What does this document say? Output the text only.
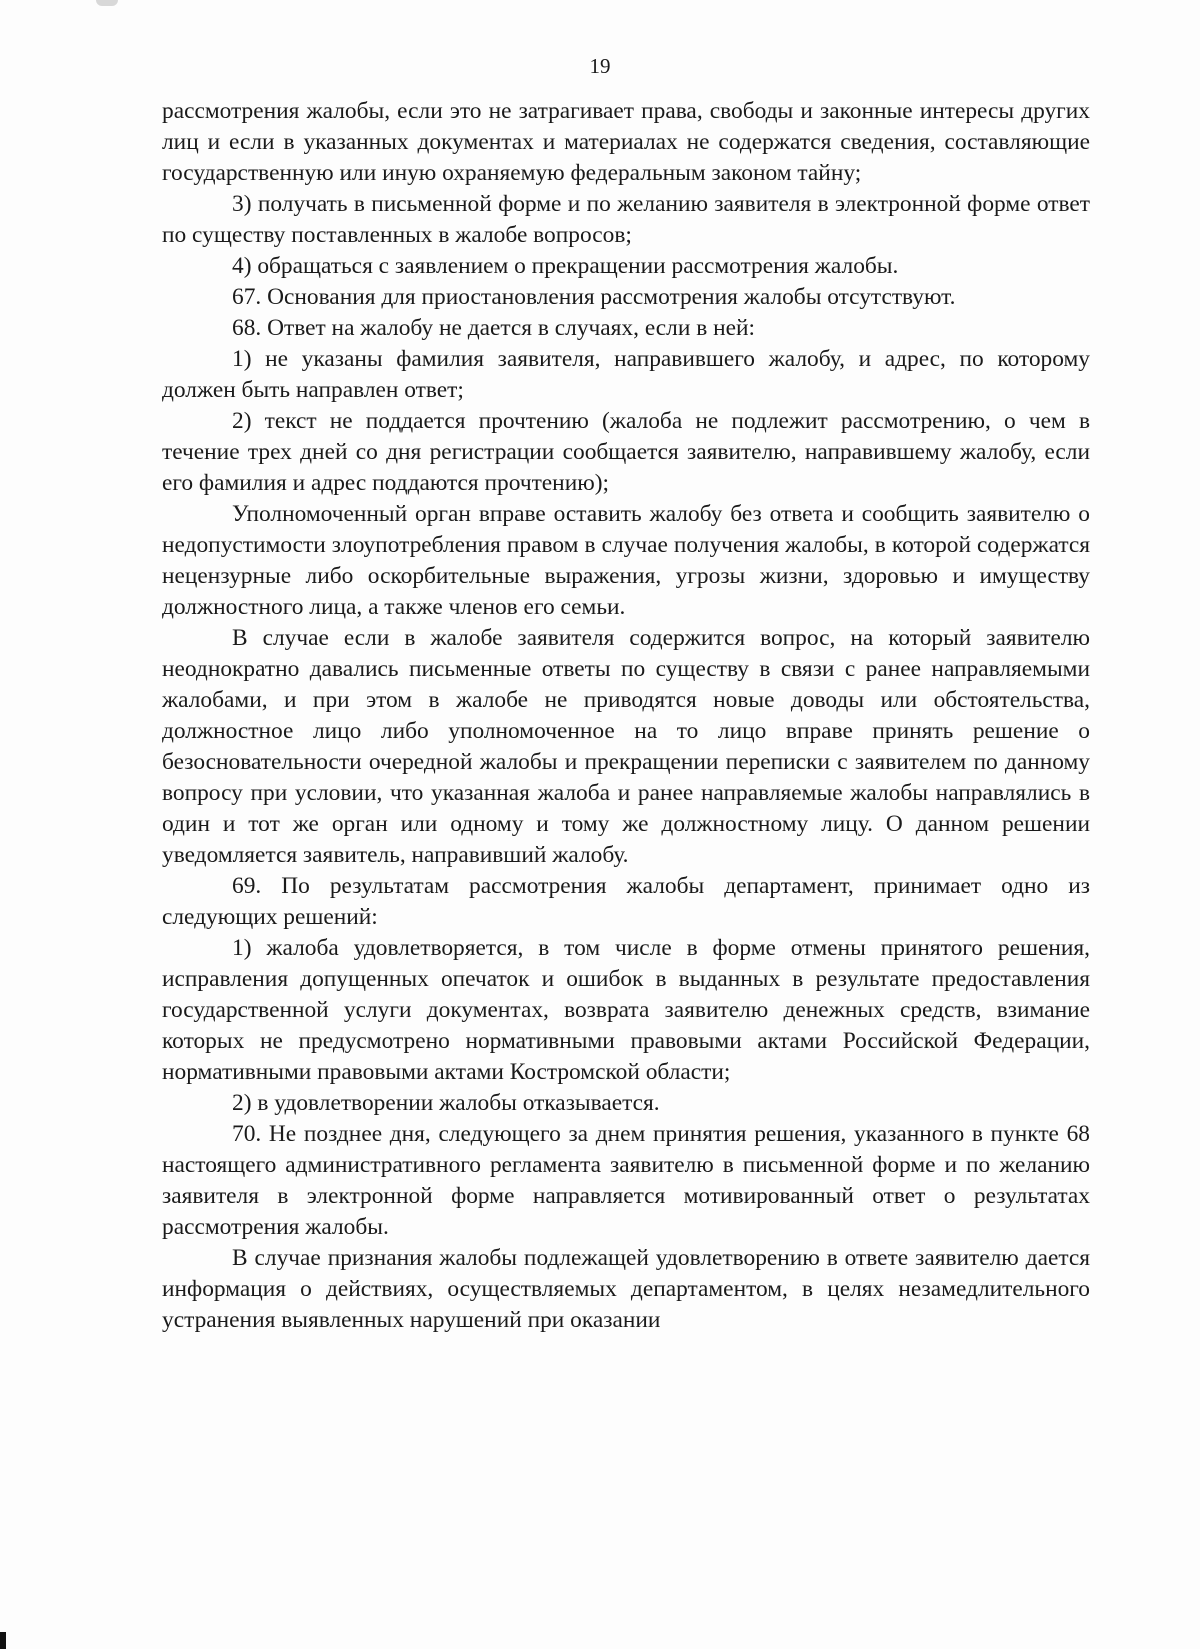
19

рассмотрения жалобы, если это не затрагивает права, свободы и законные интересы других лиц и если в указанных документах и материалах не содержатся сведения, составляющие государственную или иную охраняемую федеральным законом тайну;

3) получать в письменной форме и по желанию заявителя в электронной форме ответ по существу поставленных в жалобе вопросов;

4) обращаться с заявлением о прекращении рассмотрения жалобы.

67. Основания для приостановления рассмотрения жалобы отсутствуют.

68. Ответ на жалобу не дается в случаях, если в ней:

1) не указаны фамилия заявителя, направившего жалобу, и адрес, по которому должен быть направлен ответ;

2) текст не поддается прочтению (жалоба не подлежит рассмотрению, о чем в течение трех дней со дня регистрации сообщается заявителю, направившему жалобу, если его фамилия и адрес поддаются прочтению);

Уполномоченный орган вправе оставить жалобу без ответа и сообщить заявителю о недопустимости злоупотребления правом в случае получения жалобы, в которой содержатся нецензурные либо оскорбительные выражения, угрозы жизни, здоровью и имуществу должностного лица, а также членов его семьи.

В случае если в жалобе заявителя содержится вопрос, на который заявителю неоднократно давались письменные ответы по существу в связи с ранее направляемыми жалобами, и при этом в жалобе не приводятся новые доводы или обстоятельства, должностное лицо либо уполномоченное на то лицо вправе принять решение о безосновательности очередной жалобы и прекращении переписки с заявителем по данному вопросу при условии, что указанная жалоба и ранее направляемые жалобы направлялись в один и тот же орган или одному и тому же должностному лицу. О данном решении уведомляется заявитель, направивший жалобу.

69. По результатам рассмотрения жалобы департамент, принимает одно из следующих решений:

1) жалоба удовлетворяется, в том числе в форме отмены принятого решения, исправления допущенных опечаток и ошибок в выданных в результате предоставления государственной услуги документах, возврата заявителю денежных средств, взимание которых не предусмотрено нормативными правовыми актами Российской Федерации, нормативными правовыми актами Костромской области;

2) в удовлетворении жалобы отказывается.

70. Не позднее дня, следующего за днем принятия решения, указанного в пункте 68 настоящего административного регламента заявителю в письменной форме и по желанию заявителя в электронной форме направляется мотивированный ответ о результатах рассмотрения жалобы.

В случае признания жалобы подлежащей удовлетворению в ответе заявителю дается информация о действиях, осуществляемых департаментом, в целях незамедлительного устранения выявленных нарушений при оказании
